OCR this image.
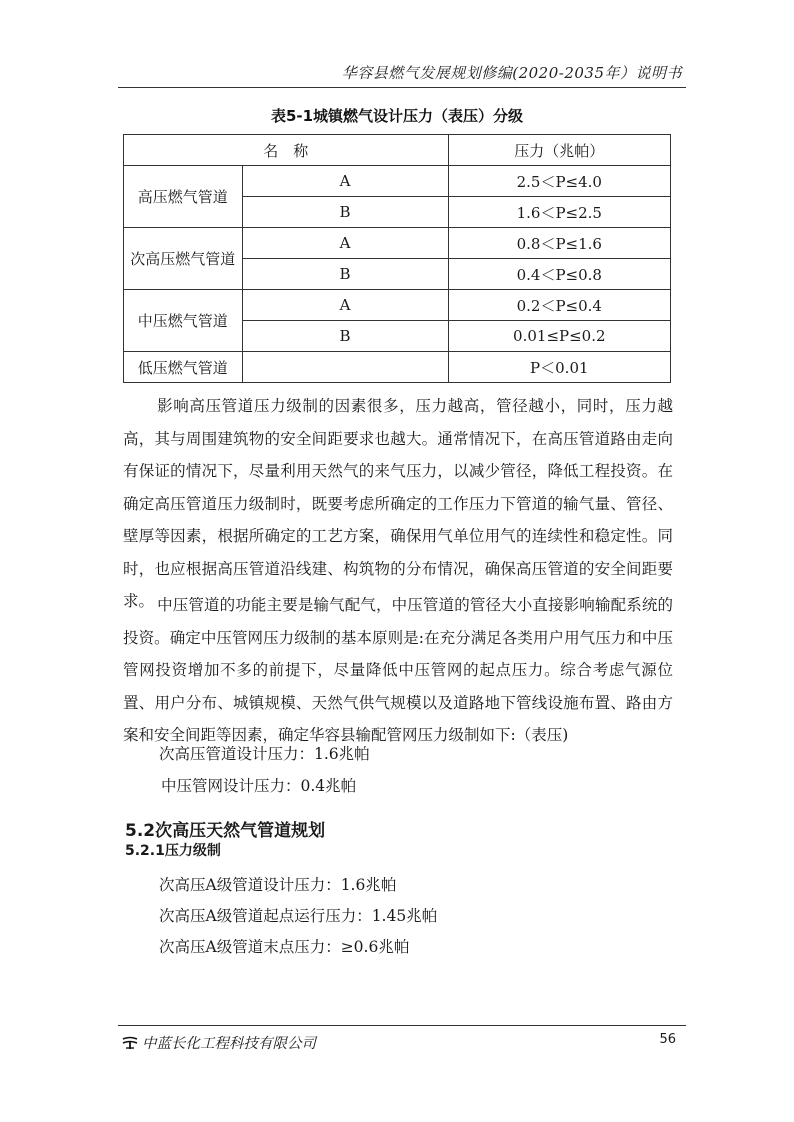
华容县燃气发展规划修编(2020-2035年）说明书
表5-1城镇燃气设计压力（表压）分级
名　称		压力（兆帕）
高压燃气管道	A	2.5＜P≤4.0
	B	1.6＜P≤2.5
次高压燃气管道	A	0.8＜P≤1.6
	B	0.4＜P≤0.8
中压燃气管道	A	0.2＜P≤0.4
	B	0.01≤P≤0.2
低压燃气管道		P＜0.01

影响高压管道压力级制的因素很多，压力越高，管径越小，同时，压力越高，其与周围建筑物的安全间距要求也越大。通常情况下，在高压管道路由走向有保证的情况下，尽量利用天然气的来气压力，以减少管径，降低工程投资。在确定高压管道压力级制时，既要考虑所确定的工作压力下管道的输气量、管径、壁厚等因素，根据所确定的工艺方案，确保用气单位用气的连续性和稳定性。同时，也应根据高压管道沿线建、构筑物的分布情况，确保高压管道的安全间距要求。 中压管道的功能主要是输气配气，中压管道的管径大小直接影响输配系统的投资。确定中压管网压力级制的基本原则是:在充分满足各类用户用气压力和中压管网投资增加不多的前提下，尽量降低中压管网的起点压力。综合考虑气源位置、用户分布、城镇规模、天然气供气规模以及道路地下管线设施布置、路由方案和安全间距等因素，确定华容县输配管网压力级制如下:（表压)

次高压管道设计压力：1.6兆帕

中压管网设计压力：0.4兆帕

5.2次高压天然气管道规划
5.2.1压力级制

次高压A级管道设计压力：1.6兆帕

次高压A级管道起点运行压力：1.45兆帕

次高压A级管道末点压力：≥0.6兆帕

中蓝长化工程科技有限公司	56
